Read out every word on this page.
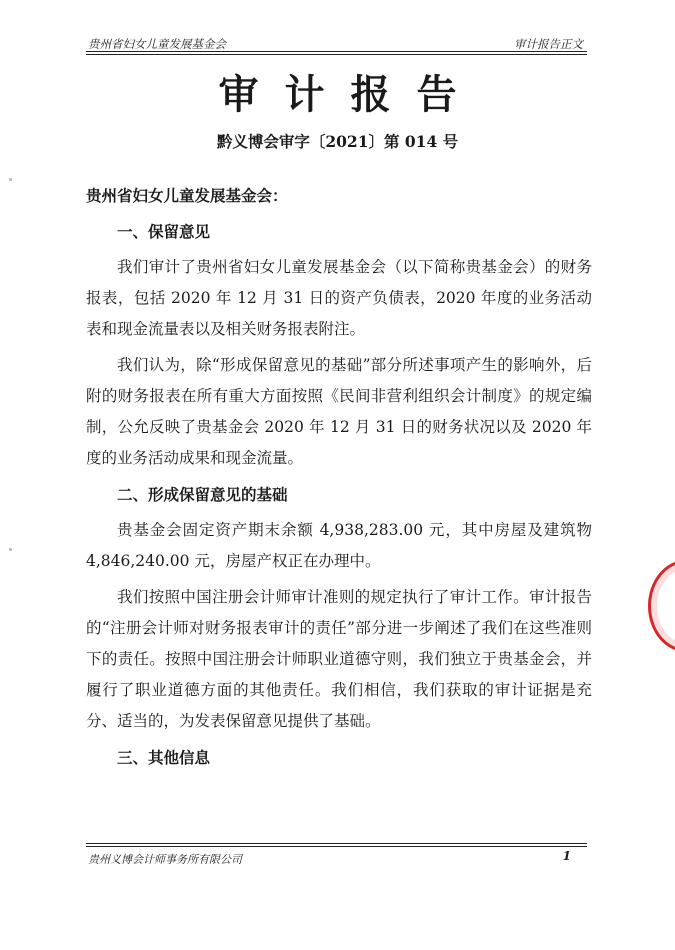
贵州省妇女儿童发展基金会	审计报告正文
审计报告
黔义博会审字〔2021〕第 014 号

贵州省妇女儿童发展基金会：

一、保留意见

我们审计了贵州省妇女儿童发展基金会（以下简称贵基金会）的财务报表，包括 2020 年 12 月 31 日的资产负债表，2020 年度的业务活动表和现金流量表以及相关财务报表附注。

我们认为，除“形成保留意见的基础”部分所述事项产生的影响外，后附的财务报表在所有重大方面按照《民间非营利组织会计制度》的规定编制，公允反映了贵基金会 2020 年 12 月 31 日的财务状况以及 2020 年度的业务活动成果和现金流量。

二、形成保留意见的基础

贵基金会固定资产期末余额 4,938,283.00 元，其中房屋及建筑物 4,846,240.00 元，房屋产权正在办理中。

我们按照中国注册会计师审计准则的规定执行了审计工作。审计报告的“注册会计师对财务报表审计的责任”部分进一步阐述了我们在这些准则下的责任。按照中国注册会计师职业道德守则，我们独立于贵基金会，并履行了职业道德方面的其他责任。我们相信，我们获取的审计证据是充分、适当的，为发表保留意见提供了基础。

三、其他信息

贵州义博会计师事务所有限公司	1
